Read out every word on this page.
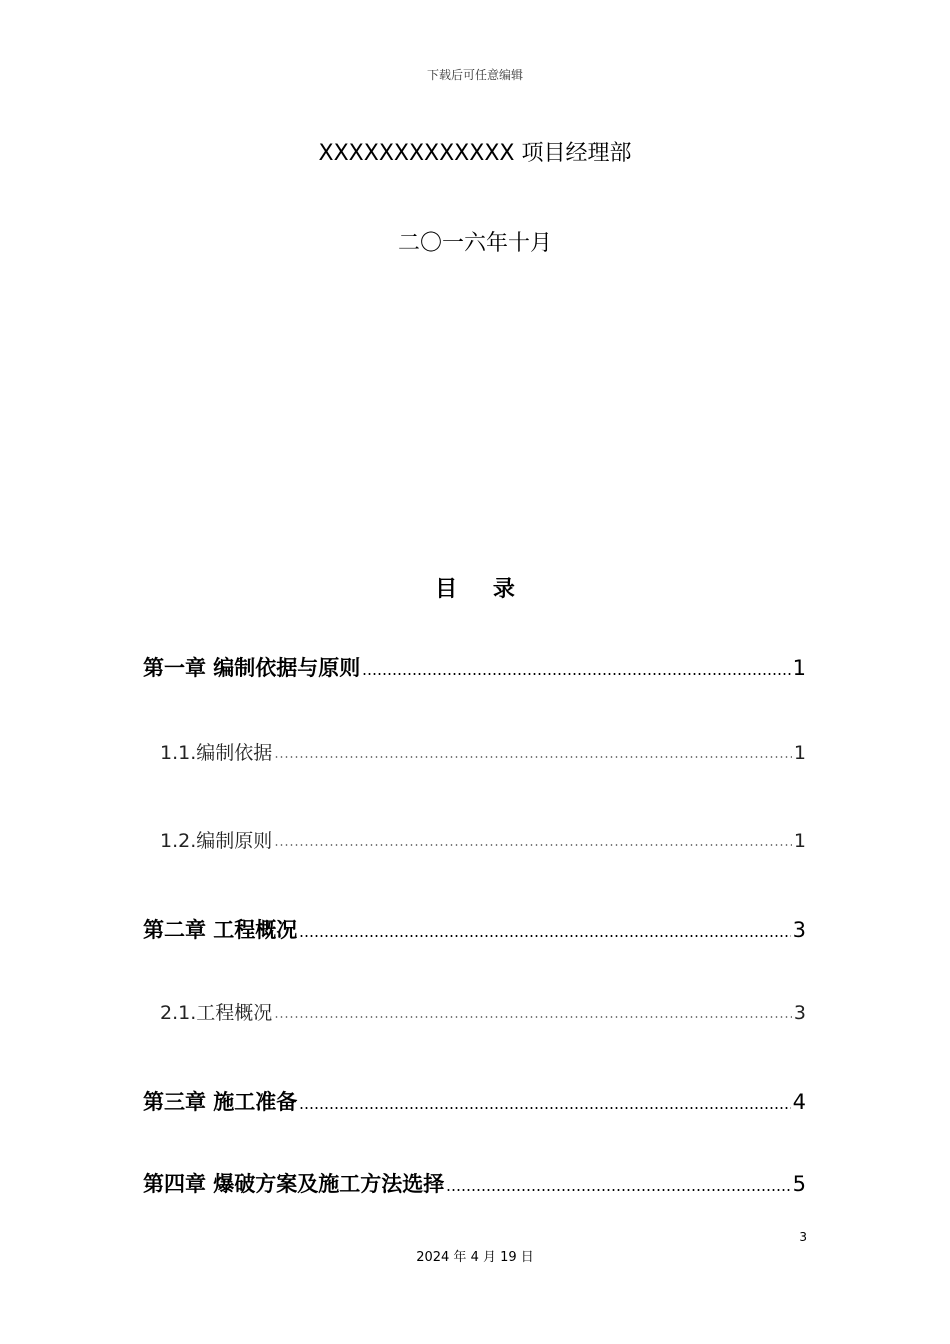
下载后可任意编辑
XXXXXXXXXXXXX 项目经理部
二〇一六年十月
目 录
第一章 编制依据与原则	1
1.1.编制依据	1
1.2.编制原则	1
第二章 工程概况	3
2.1.工程概况	3
第三章 施工准备	4
第四章 爆破方案及施工方法选择	5
3
2024 年 4 月 19 日
